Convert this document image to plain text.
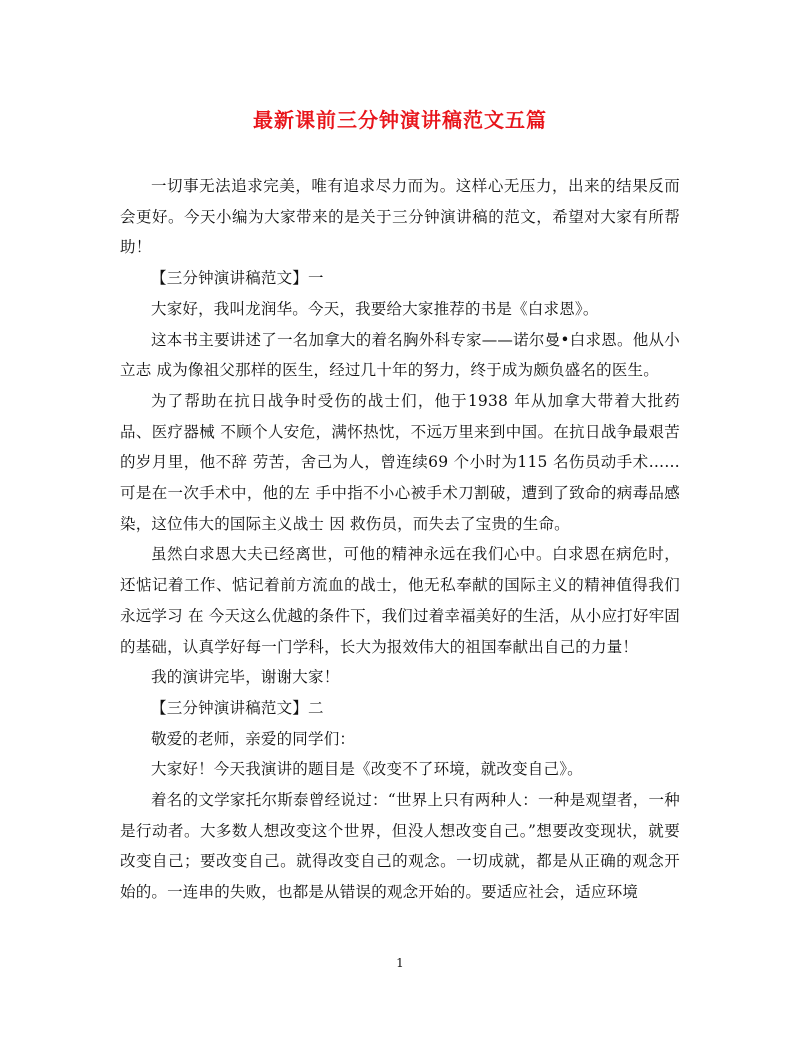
最新课前三分钟演讲稿范文五篇

一切事无法追求完美，唯有追求尽力而为。这样心无压力，出来的结果反而会更好。今天小编为大家带来的是关于三分钟演讲稿的范文，希望对大家有所帮助！

【三分钟演讲稿范文】一

大家好，我叫龙润华。今天，我要给大家推荐的书是《白求恩》。

这本书主要讲述了一名加拿大的着名胸外科专家——诺尔曼•白求恩。他从小立志 成为像祖父那样的医生，经过几十年的努力，终于成为颇负盛名的医生。

为了帮助在抗日战争时受伤的战士们，他于1938 年从加拿大带着大批药品、医疗器械 不顾个人安危，满怀热忱，不远万里来到中国。在抗日战争最艰苦的岁月里，他不辞 劳苦，舍己为人，曾连续69 个小时为115 名伤员动手术……可是在一次手术中，他的左 手中指不小心被手术刀割破，遭到了致命的病毒品感染，这位伟大的国际主义战士 因 救伤员，而失去了宝贵的生命。

虽然白求恩大夫已经离世，可他的精神永远在我们心中。白求恩在病危时，还惦记着工作、惦记着前方流血的战士，他无私奉献的国际主义的精神值得我们永远学习 在 今天这么优越的条件下，我们过着幸福美好的生活，从小应打好牢固的基础，认真学好每一门学科，长大为报效伟大的祖国奉献出自己的力量！

我的演讲完毕，谢谢大家！

【三分钟演讲稿范文】二

敬爱的老师，亲爱的同学们：

大家好！今天我演讲的题目是《改变不了环境，就改变自己》。

着名的文学家托尔斯泰曾经说过：“世界上只有两种人：一种是观望者，一种是行动者。大多数人想改变这个世界，但没人想改变自己。”想要改变现状，就要改变自己；要改变自己。就得改变自己的观念。一切成就，都是从正确的观念开始的。一连串的失败，也都是从错误的观念开始的。要适应社会，适应环境

1
